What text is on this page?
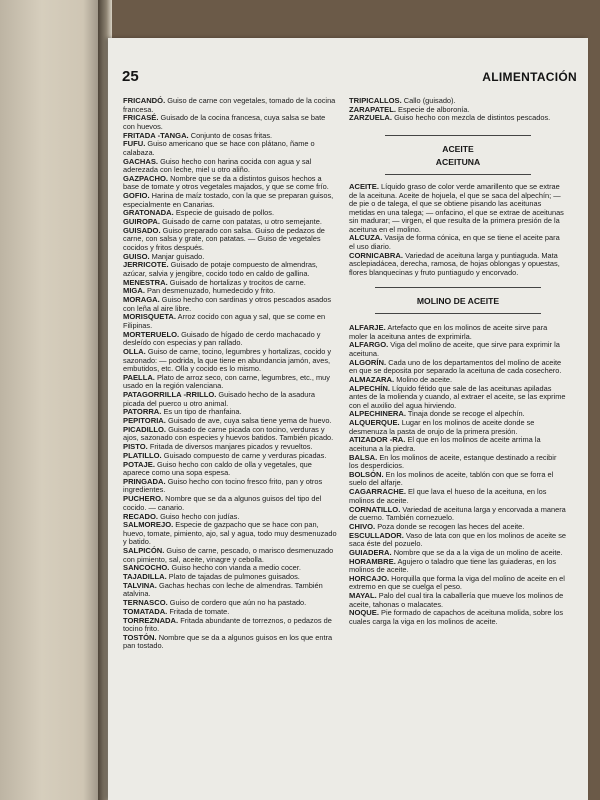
25	ALIMENTACIÓN
FRICANDÓ. Guiso de carne con vegetales, tomado de la cocina francesa.
FRICASÉ. Guisado de la cocina francesa, cuya salsa se bate con huevos.
FRITADA -TANGA. Conjunto de cosas fritas.
FUFU. Guiso americano que se hace con plátano, ñame o calabaza.
GACHAS. Guiso hecho con harina cocida con agua y sal aderezada con leche, miel u otro aliño.
GAZPACHO. Nombre que se da a distintos guisos hechos a base de tomate y otros vegetales majados, y que se come frío.
GOFIO. Harina de maíz tostado, con la que se preparan guisos, especialmente en Canarias.
GRATONADA. Especie de guisado de pollos.
GUIROPA. Guisado de carne con patatas, u otro semejante.
GUISADO. Guiso preparado con salsa. Guiso de pedazos de carne, con salsa y grate, con patatas. — Guiso de vegetales cocidos y fritos después.
GUISO. Manjar guisado.
JERRICOTE. Guisado de potaje compuesto de almendras, azúcar, salvia y jengibre, cocido todo en caldo de gallina.
MENESTRA. Guisado de hortalizas y trocitos de carne.
MIGA. Pan desmenuzado, humedecido y frito.
MORAGA. Guiso hecho con sardinas y otros pescados asados con leña al aire libre.
MORISQUETA. Arroz cocido con agua y sal, que se come en Filipinas.
MORTERUELO. Guisado de hígado de cerdo machacado y desleído con especias y pan rallado.
OLLA. Guiso de carne, tocino, legumbres y hortalizas, cocido y sazonado: — podrida, la que tiene en abundancia jamón, aves, embutidos, etc. Olla y cocido es lo mismo.
PAELLA. Plato de arroz seco, con carne, legumbres, etc., muy usado en la región valenciana.
PATAGORRILLA -RRILLO. Guisado hecho de la asadura picada del puerco u otro animal.
PATORRA. Es un tipo de rhanfaina.
PEPITORIA. Guisado de ave, cuya salsa tiene yema de huevo.
PICADILLO. Guisado de carne picada con tocino, verduras y ajos, sazonado con especies y huevos batidos. También picado.
PISTO. Fritada de diversos manjares picados y revueltos.
PLATILLO. Guisado compuesto de carne y verduras picadas.
POTAJE. Guiso hecho con caldo de olla y vegetales, que aparece como una sopa espesa.
PRINGADA. Guiso hecho con tocino fresco frito, pan y otros ingredientes.
PUCHERO. Nombre que se da a algunos guisos del tipo del cocido. — canario.
RECADO. Guiso hecho con judías.
SALMOREJO. Especie de gazpacho que se hace con pan, huevo, tomate, pimiento, ajo, sal y agua, todo muy desmenuzado y batido.
SALPICÓN. Guiso de carne, pescado, o marisco desmenuzado con pimiento, sal, aceite, vinagre y cebolla.
SANCOCHO. Guiso hecho con vianda a medio cocer.
TAJADILLA. Plato de tajadas de pulmones guisados.
TALVINA. Gachas hechas con leche de almendras. También atalvina.
TERNASCO. Guiso de cordero que aún no ha pastado.
TOMATADA. Fritada de tomate.
TORREZNADA. Fritada abundante de torreznos, o pedazos de tocino frito.
TOSTÓN. Nombre que se da a algunos guisos en los que entra pan tostado.
TRIPICALLOS. Callo (guisado).
ZARAPATEL. Especie de alboronía.
ZARZUELA. Guiso hecho con mezcla de distintos pescados.
ACEITE
ACEITUNA
ACEITE. Líquido graso de color verde amarillento que se extrae de la aceituna. Aceite de hojuela, el que se saca del alpechín; — de pie o de talega, el que se obtiene pisando las aceitunas metidas en una talega; — onfacino, el que se extrae de aceitunas sin madurar; — virgen, el que resulta de la primera presión de la aceituna en el molino.
ALCUZA. Vasija de forma cónica, en que se tiene el aceite para el uso diario.
CORNICABRA. Variedad de aceituna larga y puntiaguda. Mata asclepiadácea, derecha, ramosa, de hojas oblongas y opuestas, flores blanquecinas y fruto puntiagudo y encorvado.
MOLINO DE ACEITE
ALFARJE. Artefacto que en los molinos de aceite sirve para moler la aceituna antes de exprimirla.
ALFARGO. Viga del molino de aceite, que sirve para exprimir la aceituna.
ALGORÍN. Cada uno de los departamentos del molino de aceite en que se deposita por separado la aceituna de cada cosechero.
ALMAZARA. Molino de aceite.
ALPECHÍN. Líquido fétido que sale de las aceitunas apiladas antes de la molienda y cuando, al extraer el aceite, se las exprime con el auxilio del agua hirviendo.
ALPECHINERA. Tinaja donde se recoge el alpechín.
ALQUERQUE. Lugar en los molinos de aceite donde se desmenuza la pasta de orujo de la primera presión.
ATIZADOR -RA. El que en los molinos de aceite arrima la aceituna a la piedra.
BALSA. En los molinos de aceite, estanque destinado a recibir los desperdicios.
BOLSÓN. En los molinos de aceite, tablón con que se forra el suelo del alfarje.
CAGARRACHE. El que lava el hueso de la aceituna, en los molinos de aceite.
CORNATILLO. Variedad de aceituna larga y encorvada a manera de cuerno. También cornezuelo.
CHIVO. Poza donde se recogen las heces del aceite.
ESCULLADOR. Vaso de lata con que en los molinos de aceite se saca éste del pozuelo.
GUIADERA. Nombre que se da a la viga de un molino de aceite.
HORAMBRE. Agujero o taladro que tiene las guiaderas, en los molinos de aceite.
HORCAJO. Horquilla que forma la viga del molino de aceite en el extremo en que se cuelga el peso.
MAYAL. Palo del cual tira la caballería que mueve los molinos de aceite, tahonas o malacates.
NOQUE. Pie formado de capachos de aceituna molida, sobre los cuales carga la viga en los molinos de aceite.
